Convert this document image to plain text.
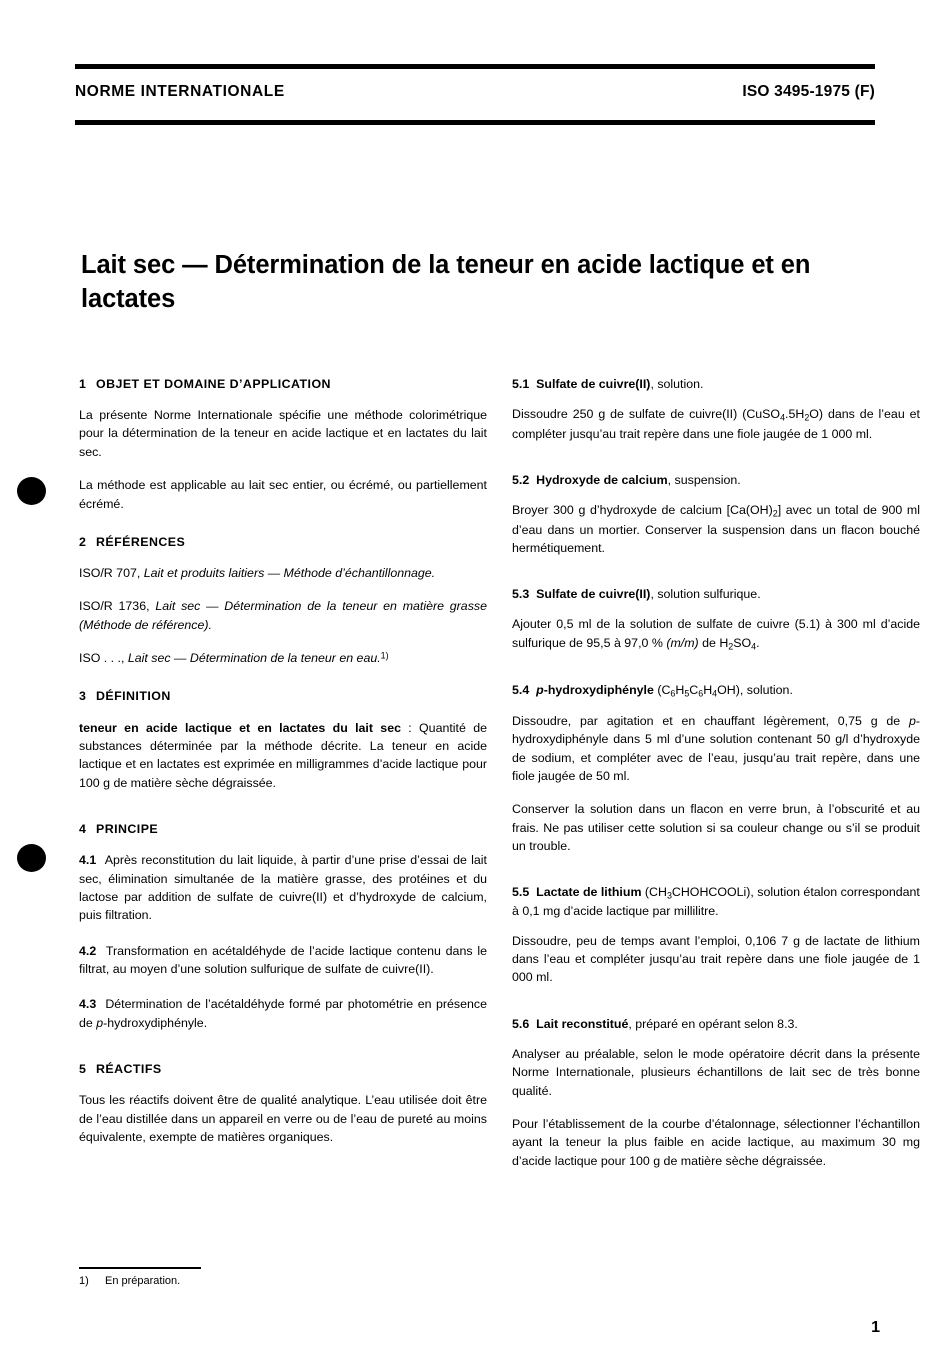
NORME INTERNATIONALE	ISO 3495-1975 (F)
Lait sec — Détermination de la teneur en acide lactique et en lactates
1 OBJET ET DOMAINE D’APPLICATION

La présente Norme Internationale spécifie une méthode colorimétrique pour la détermination de la teneur en acide lactique et en lactates du lait sec.

La méthode est applicable au lait sec entier, ou écrémé, ou partiellement écrémé.

2 RÉFÉRENCES

ISO/R 707, Lait et produits laitiers — Méthode d’échantillonnage.

ISO/R 1736, Lait sec — Détermination de la teneur en matière grasse (Méthode de référence).

ISO . . ., Lait sec — Détermination de la teneur en eau.$^{1)}$

3 DÉFINITION

teneur en acide lactique et en lactates du lait sec : Quantité de substances déterminée par la méthode décrite. La teneur en acide lactique et en lactates est exprimée en milligrammes d’acide lactique pour 100 g de matière sèche dégraissée.

4 PRINCIPE

4.1 Après reconstitution du lait liquide, à partir d’une prise d’essai de lait sec, élimination simultanée de la matière grasse, des protéines et du lactose par addition de sulfate de cuivre(II) et d’hydroxyde de calcium, puis filtration.

4.2 Transformation en acétaldéhyde de l’acide lactique contenu dans le filtrat, au moyen d’une solution sulfurique de sulfate de cuivre(II).

4.3 Détermination de l’acétaldéhyde formé par photométrie en présence de p-hydroxydiphényle.

5 RÉACTIFS

Tous les réactifs doivent être de qualité analytique. L’eau utilisée doit être de l’eau distillée dans un appareil en verre ou de l’eau de pureté au moins équivalente, exempte de matières organiques.

5.1 Sulfate de cuivre(II), solution.

Dissoudre 250 g de sulfate de cuivre(II) $(CuSO_4.5H_2O)$ dans de l’eau et compléter jusqu’au trait repère dans une fiole jaugée de 1 000 ml.

5.2 Hydroxyde de calcium, suspension.

Broyer 300 g d’hydroxyde de calcium $[Ca(OH)_2]$ avec un total de 900 ml d’eau dans un mortier. Conserver la suspension dans un flacon bouché hermétiquement.

5.3 Sulfate de cuivre(II), solution sulfurique.

Ajouter 0,5 ml de la solution de sulfate de cuivre (5.1) à 300 ml d’acide sulfurique de 95,5 à 97,0 % (m/m) de $H_2SO_4$.

5.4 p-hydroxydiphényle $(C_6H_5C_6H_4OH)$, solution.

Dissoudre, par agitation et en chauffant légèrement, 0,75 g de p-hydroxydiphényle dans 5 ml d’une solution contenant 50 g/l d’hydroxyde de sodium, et compléter avec de l’eau, jusqu’au trait repère, dans une fiole jaugée de 50 ml.

Conserver la solution dans un flacon en verre brun, à l’obscurité et au frais. Ne pas utiliser cette solution si sa couleur change ou s’il se produit un trouble.

5.5 Lactate de lithium $(CH_3CHOHCOOLi)$, solution étalon correspondant à 0,1 mg d’acide lactique par millilitre.

Dissoudre, peu de temps avant l’emploi, 0,106 7 g de lactate de lithium dans l’eau et compléter jusqu’au trait repère dans une fiole jaugée de 1 000 ml.

5.6 Lait reconstitué, préparé en opérant selon 8.3.

Analyser au préalable, selon le mode opératoire décrit dans la présente Norme Internationale, plusieurs échantillons de lait sec de très bonne qualité.

Pour l’établissement de la courbe d’étalonnage, sélectionner l’échantillon ayant la teneur la plus faible en acide lactique, au maximum 30 mg d’acide lactique pour 100 g de matière sèche dégraissée.

1) En préparation.
1
